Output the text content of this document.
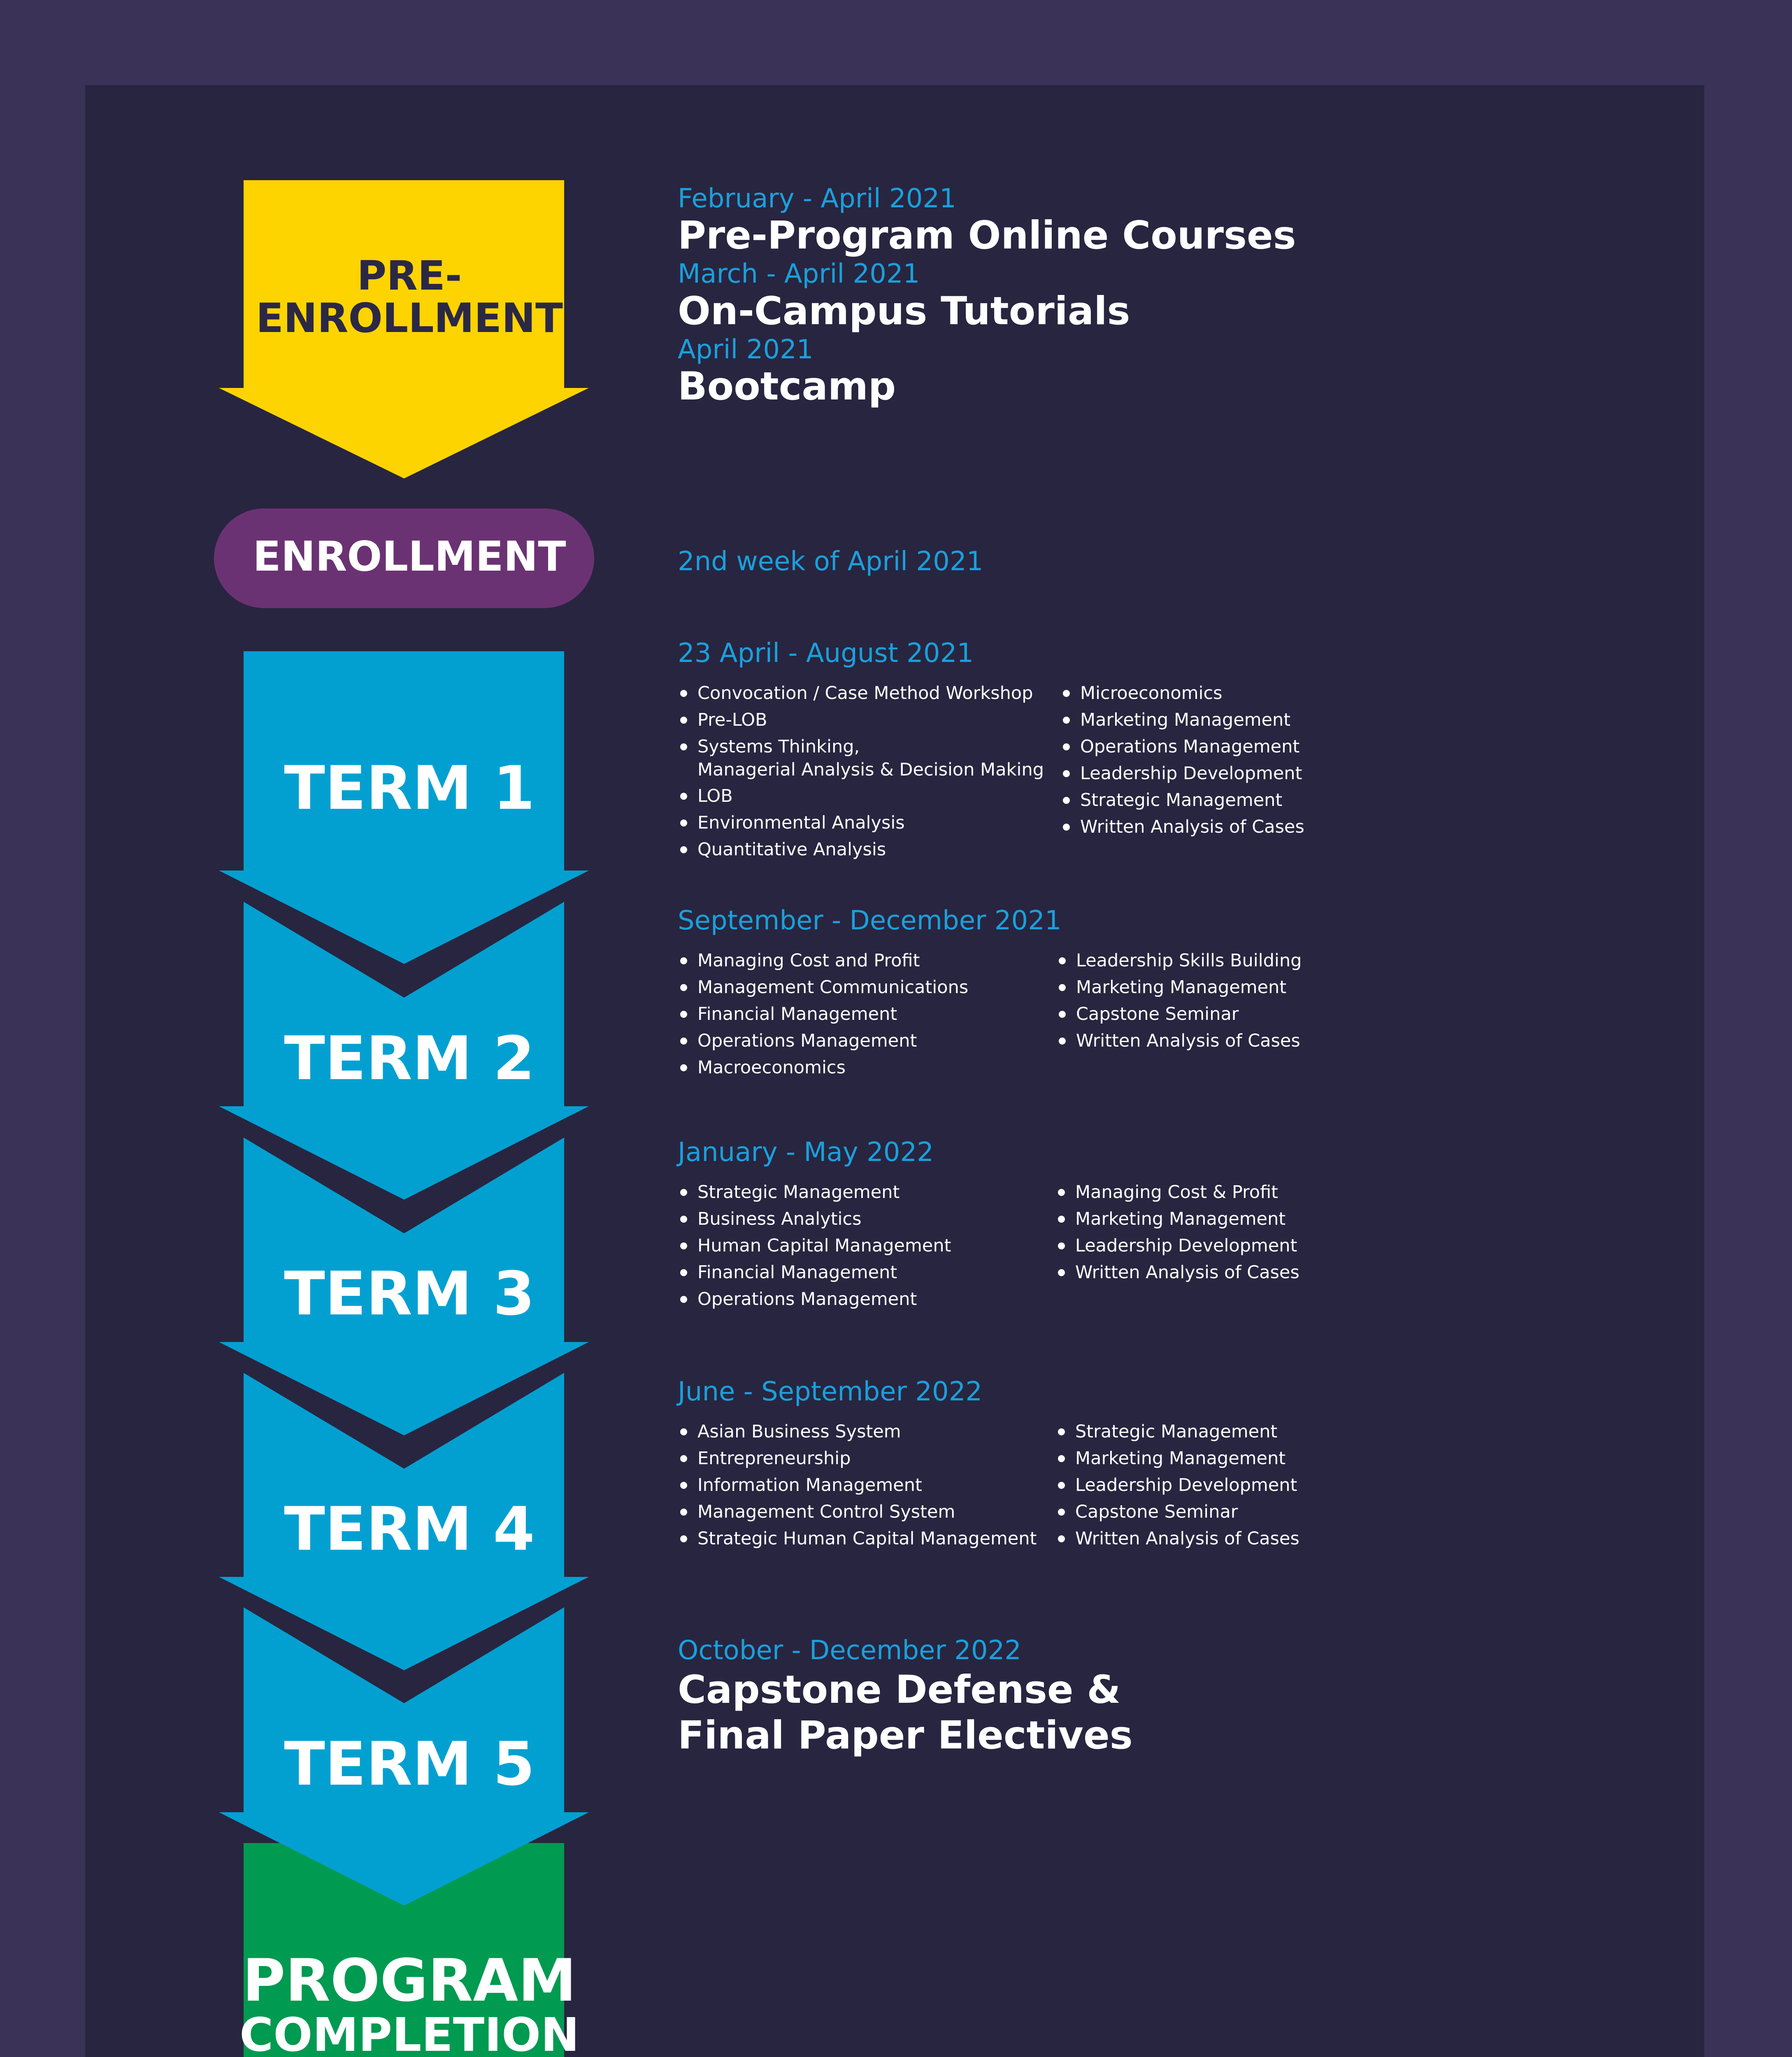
PRE-
ENROLLMENT
ENROLLMENT
TERM 1
TERM 2
TERM 3
TERM 4
TERM 5
PROGRAM
COMPLETION
February - April 2021
Pre-Program Online Courses
March - April 2021
On-Campus Tutorials
April 2021
Bootcamp
2nd week of April 2021
23 April - August 2021
Convocation / Case Method Workshop
Pre-LOB
Systems Thinking,
Managerial Analysis & Decision Making
LOB
Environmental Analysis
Quantitative Analysis
Microeconomics
Marketing Management
Operations Management
Leadership Development
Strategic Management
Written Analysis of Cases
September - December 2021
Managing Cost and Profit
Management Communications
Financial Management
Operations Management
Macroeconomics
Leadership Skills Building
Marketing Management
Capstone Seminar
Written Analysis of Cases
January - May 2022
Strategic Management
Business Analytics
Human Capital Management
Financial Management
Operations Management
Managing Cost & Profit
Marketing Management
Leadership Development
Written Analysis of Cases
June - September 2022
Asian Business System
Entrepreneurship
Information Management
Management Control System
Strategic Human Capital Management
Strategic Management
Marketing Management
Leadership Development
Capstone Seminar
Written Analysis of Cases
October - December 2022
Capstone Defense &
Final Paper Electives
